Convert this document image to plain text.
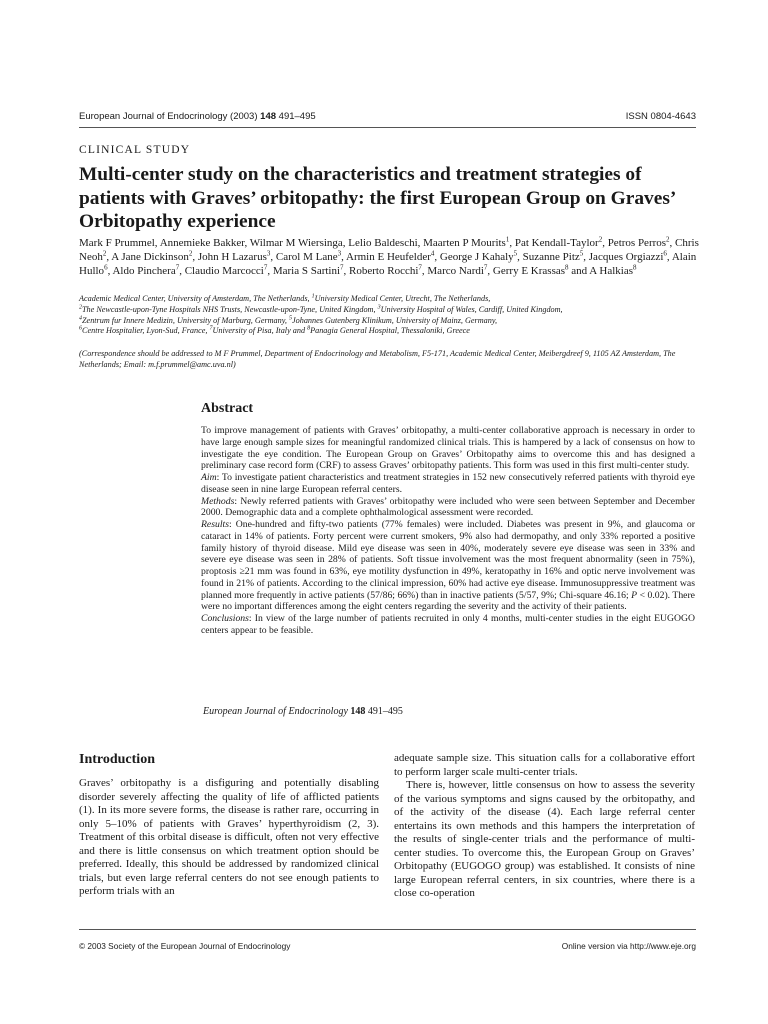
European Journal of Endocrinology (2003) 148 491–495	ISSN 0804-4643
CLINICAL STUDY
Multi-center study on the characteristics and treatment strategies of patients with Graves’ orbitopathy: the first European Group on Graves’ Orbitopathy experience
Mark F Prummel, Annemieke Bakker, Wilmar M Wiersinga, Lelio Baldeschi, Maarten P Mourits$^1$, Pat Kendall-Taylor$^2$, Petros Perros$^2$, Chris Neoh$^2$, A Jane Dickinson$^2$, John H Lazarus$^3$, Carol M Lane$^3$, Armin E Heufelder$^4$, George J Kahaly$^5$, Suzanne Pitz$^5$, Jacques Orgiazzi$^6$, Alain Hullo$^6$, Aldo Pinchera$^7$, Claudio Marcocci$^7$, Maria S Sartini$^7$, Roberto Rocchi$^7$, Marco Nardi$^7$, Gerry E Krassas$^8$ and A Halkias$^8$
Academic Medical Center, University of Amsterdam, The Netherlands, $^1$University Medical Center, Utrecht, The Netherlands,
$^2$The Newcastle-upon-Tyne Hospitals NHS Trusts, Newcastle-upon-Tyne, United Kingdom, $^3$University Hospital of Wales, Cardiff, United Kingdom,
$^4$Zentrum fur Innere Medizin, University of Marburg, Germany, $^5$Johannes Gutenberg Klinikum, University of Mainz, Germany,
$^6$Centre Hospitalier, Lyon-Sud, France, $^7$University of Pisa, Italy and $^8$Panagia General Hospital, Thessaloniki, Greece
(Correspondence should be addressed to M F Prummel, Department of Endocrinology and Metabolism, F5-171, Academic Medical Center, Meibergdreef 9, 1105 AZ Amsterdam, The Netherlands; Email: m.f.prummel@amc.uva.nl)
Abstract

To improve management of patients with Graves’ orbitopathy, a multi-center collaborative approach is necessary in order to have large enough sample sizes for meaningful randomized clinical trials. This is hampered by a lack of consensus on how to investigate the eye condition. The European Group on Graves’ Orbitopathy aims to overcome this and has designed a preliminary case record form (CRF) to assess Graves’ orbitopathy patients. This form was used in this first multi-center study.

Aim: To investigate patient characteristics and treatment strategies in 152 new consecutively referred patients with thyroid eye disease seen in nine large European referral centers.

Methods: Newly referred patients with Graves’ orbitopathy were included who were seen between September and December 2000. Demographic data and a complete ophthalmological assessment were recorded.

Results: One-hundred and fifty-two patients (77% females) were included. Diabetes was present in 9%, and glaucoma or cataract in 14% of patients. Forty percent were current smokers, 9% also had dermopathy, and only 33% reported a positive family history of thyroid disease. Mild eye disease was seen in 40%, moderately severe eye disease was seen in 33% and severe eye disease was seen in 28% of patients. Soft tissue involvement was the most frequent abnormality (seen in 75%), proptosis ≥21 mm was found in 63%, eye motility dysfunction in 49%, keratopathy in 16% and optic nerve involvement was found in 21% of patients. According to the clinical impression, 60% had active eye disease. Immunosuppressive treatment was planned more frequently in active patients (57/86; 66%) than in inactive patients (5/57, 9%; Chi-square 46.16; P < 0.02). There were no important differences among the eight centers regarding the severity and the activity of their patients.

Conclusions: In view of the large number of patients recruited in only 4 months, multi-center studies in the eight EUGOGO centers appear to be feasible.

European Journal of Endocrinology 148 491–495
Introduction

Graves’ orbitopathy is a disfiguring and potentially disabling disorder severely affecting the quality of life of afflicted patients (1). In its more severe forms, the disease is rather rare, occurring in only 5–10% of patients with Graves’ hyperthyroidism (2, 3). Treatment of this orbital disease is difficult, often not very effective and there is little consensus on which treatment option should be preferred. Ideally, this should be addressed by randomized clinical trials, but even large referral centers do not see enough patients to perform trials with an

adequate sample size. This situation calls for a collaborative effort to perform larger scale multi-center trials.

There is, however, little consensus on how to assess the severity of the various symptoms and signs caused by the orbitopathy, and of the activity of the disease (4). Each large referral center entertains its own methods and this hampers the interpretation of the results of single-center trials and the performance of multi-center studies. To overcome this, the European Group on Graves’ Orbitopathy (EUGOGO group) was established. It consists of nine large European referral centers, in six countries, where there is a close co-operation

© 2003 Society of the European Journal of Endocrinology	Online version via http://www.eje.org
